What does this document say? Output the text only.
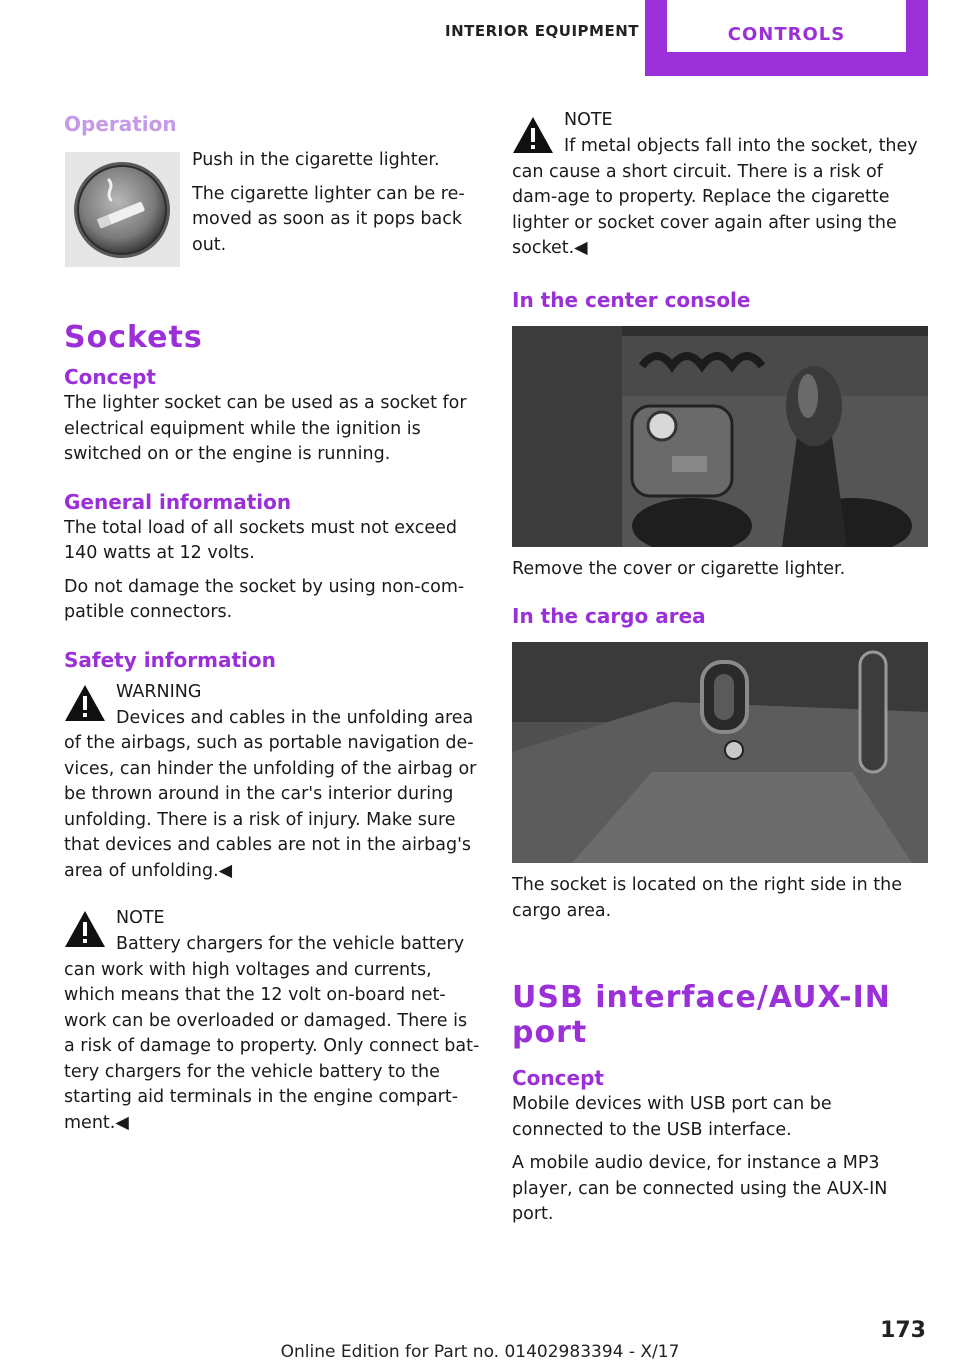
INTERIOR EQUIPMENT	CONTROLS
Operation

Push in the cigarette lighter.

The cigarette lighter can be re‐moved as soon as it pops back out.

Sockets
Concept

The lighter socket can be used as a socket for electrical equipment while the ignition is switched on or the engine is running.

General information

The total load of all sockets must not exceed 140 watts at 12 volts.

Do not damage the socket by using non-com‐patible connectors.

Safety information
WARNING
Devices and cables in the unfolding area

of the airbags, such as portable navigation de‐vices, can hinder the unfolding of the airbag or be thrown around in the car's interior during unfolding. There is a risk of injury. Make sure that devices and cables are not in the airbag's area of unfolding.◀

NOTE
Battery chargers for the vehicle battery

can work with high voltages and currents, which means that the 12 volt on-board net‐work can be overloaded or damaged. There is a risk of damage to property. Only connect bat‐tery chargers for the vehicle battery to the starting aid terminals in the engine compart‐ment.◀

NOTE
If metal objects fall into the socket, they

can cause a short circuit. There is a risk of dam‐age to property. Replace the cigarette lighter or socket cover again after using the socket.◀

In the center console

Remove the cover or cigarette lighter.

In the cargo area

The socket is located on the right side in the cargo area.

USB interface/AUX-IN port
Concept

Mobile devices with USB port can be connected to the USB interface.

A mobile audio device, for instance a MP3 player, can be connected using the AUX-IN port.

173
Online Edition for Part no. 01402983394 - X/17
